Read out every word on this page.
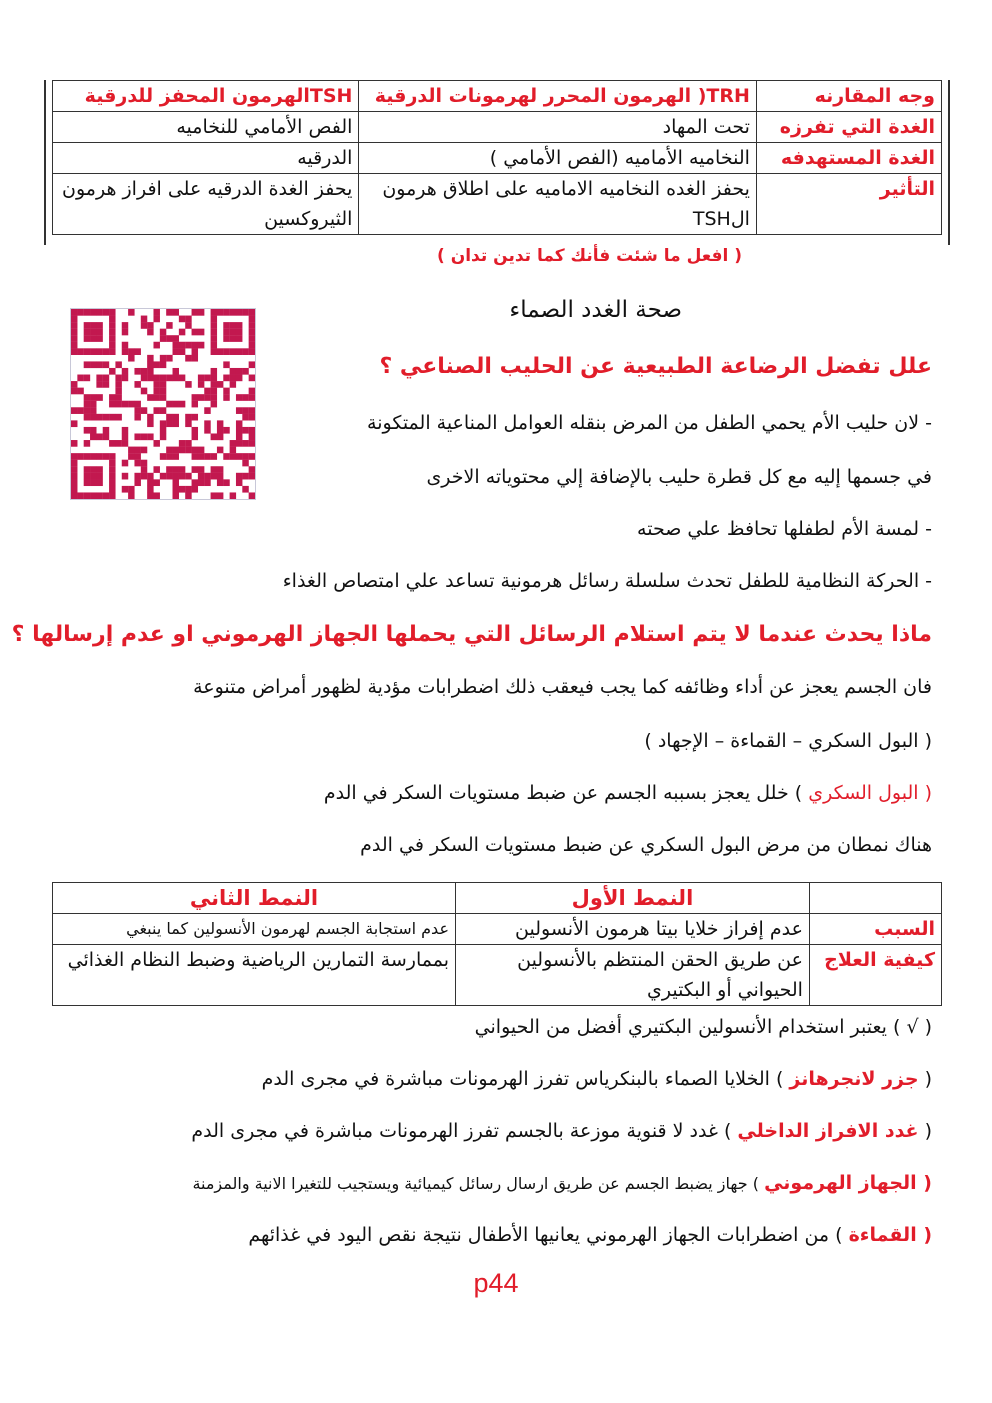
وجه المقارنه	TRH( الهرمون المحرر لهرمونات الدرقية	TSHالهرمون المحفز للدرقية
الغدة التي تفرزه	تحت المهاد	الفص الأمامي للنخاميه
الغدة المستهدفه	النخاميه الأماميه (الفص الأمامي )	الدرقيه
التأثير	يحفز الغده النخاميه الاماميه على اطلاق هرمون الTSH	يحفز الغدة الدرقيه على افراز هرمون الثيروكسين
( افعل ما شئت فأنك كما تدين تدان )
صحة الغدد الصماء
علل تفضل الرضاعة الطبيعية عن الحليب الصناعي ؟
- لان حليب الأم يحمي الطفل من المرض بنقله العوامل المناعية المتكونة
في جسمها إليه مع كل قطرة حليب بالإضافة إلي محتوياته الاخرى
- لمسة الأم لطفلها تحافظ علي صحته
- الحركة النظامية للطفل تحدث سلسلة رسائل هرمونية تساعد علي امتصاص الغذاء
ماذا يحدث عندما لا يتم استلام الرسائل التي يحملها الجهاز الهرموني او عدم إرسالها ؟
فان الجسم يعجز عن أداء وظائفه كما يجب فيعقب ذلك اضطرابات مؤدية لظهور أمراض متنوعة
( البول السكري – القماءة – الإجهاد )
( البول السكري ) خلل يعجز بسببه الجسم عن ضبط مستويات السكر في الدم
هناك نمطان من مرض البول السكري عن ضبط مستويات السكر في الدم
	النمط الأول	النمط الثاني
السبب	عدم إفراز خلايا بيتا هرمون الأنسولين	عدم استجابة الجسم لهرمون الأنسولين كما ينبغي
كيفية العلاج	عن طريق الحقن المنتظم بالأنسولين الحيواني أو البكتيري	بممارسة التمارين الرياضية وضبط النظام الغذائي
( √ ) يعتبر استخدام الأنسولين البكتيري أفضل من الحيواني
( جزر لانجرهانز ) الخلايا الصماء بالبنكرياس تفرز الهرمونات مباشرة في مجرى الدم
( غدد الافراز الداخلي ) غدد لا قنوية موزعة بالجسم تفرز الهرمونات مباشرة في مجرى الدم
( الجهاز الهرموني ) جهاز يضبط الجسم عن طريق ارسال رسائل كيميائية ويستجيب للتغيرا الانية والمزمنة
( القماءة ) من اضطرابات الجهاز الهرموني يعانيها الأطفال نتيجة نقص اليود في غذائهم
p44
